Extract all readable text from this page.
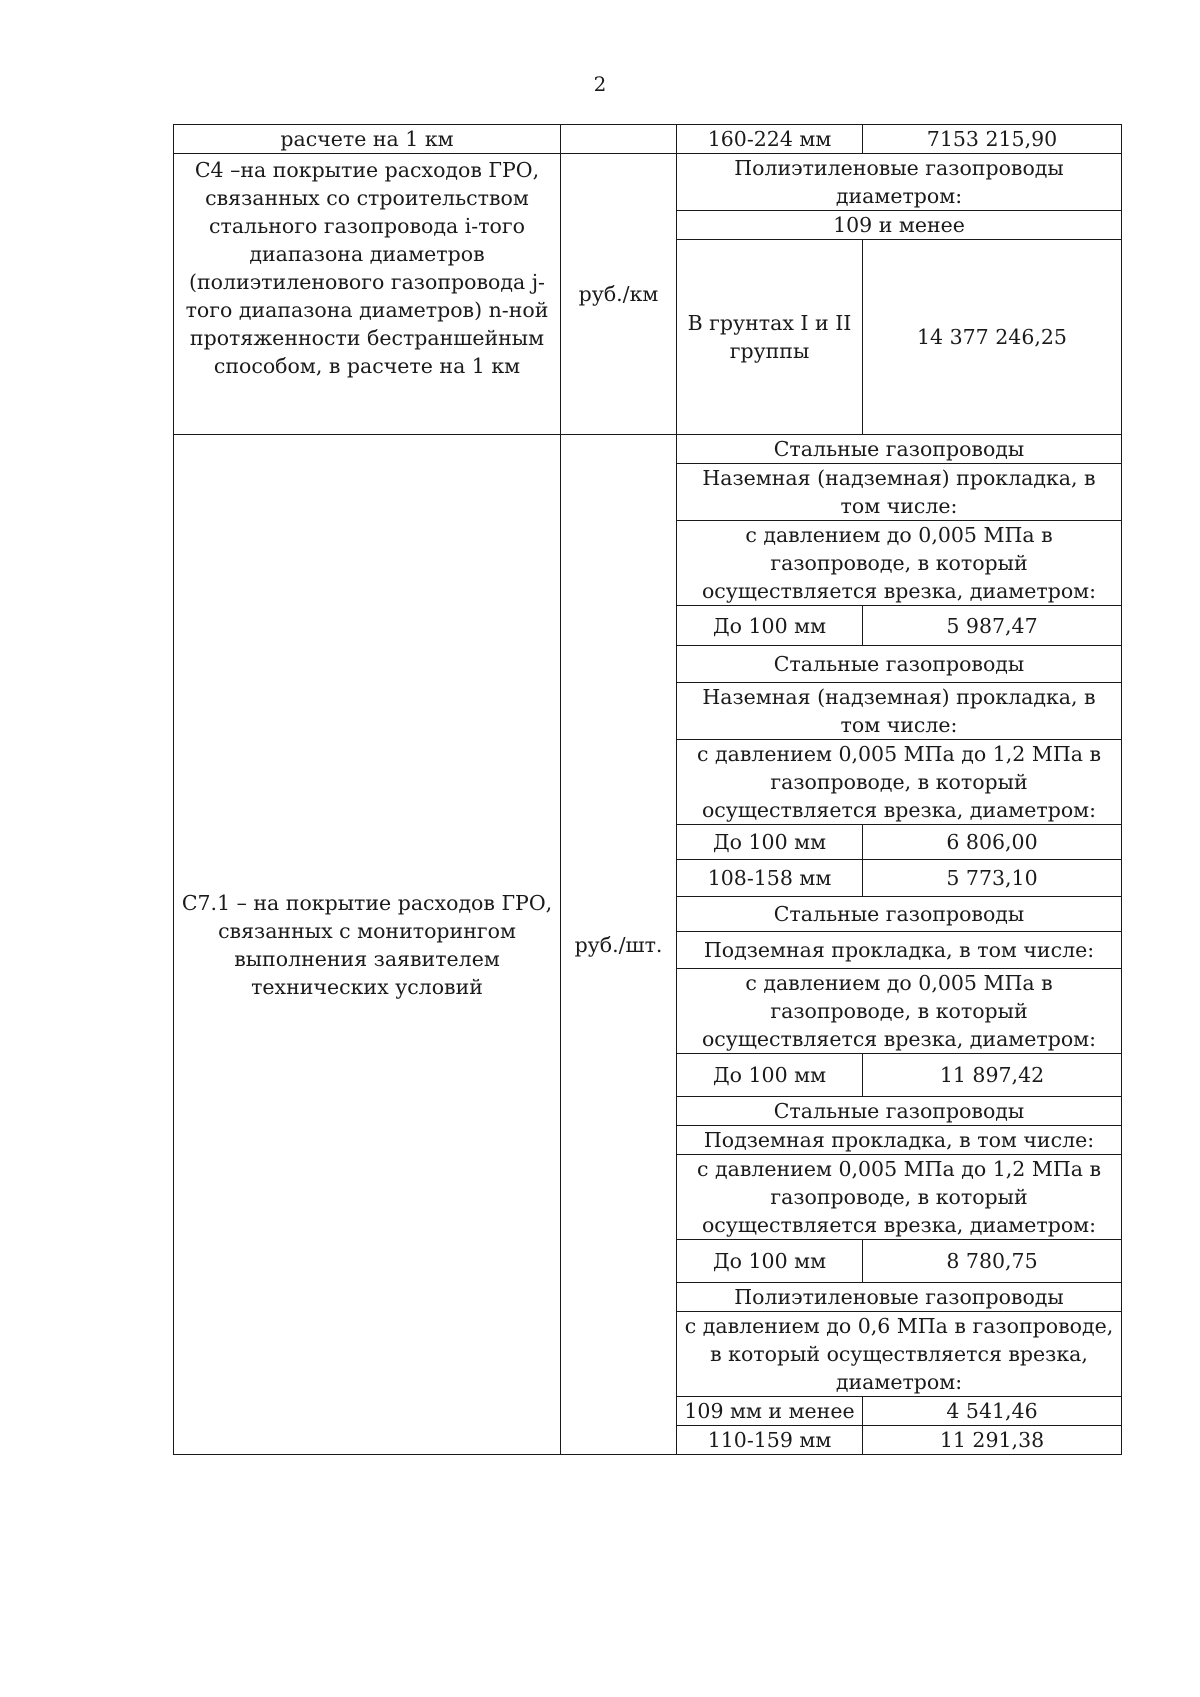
2
расчете на 1 км		160-224 мм	7153 215,90
С4 –на покрытие расходов ГРО, связанных со строительством стального газопровода i-того диапазона диаметров (полиэтиленового газопровода j-того диапазона диаметров) n-ной протяженности бестраншейным способом, в расчете на 1 км	руб./км	Полиэтиленовые газопроводы диаметром:	
		109 и менее	
		В грунтах I и II группы	14 377 246,25
С7.1 – на покрытие расходов ГРО, связанных с мониторингом выполнения заявителем технических условий	руб./шт.	Стальные газопроводы	
		Наземная (надземная) прокладка, в том числе:	
		с давлением до 0,005 МПа в газопроводе, в который осуществляется врезка, диаметром:	
		До 100 мм	5 987,47
		Стальные газопроводы	
		Наземная (надземная) прокладка, в том числе:	
		с давлением 0,005 МПа до 1,2 МПа в газопроводе, в который осуществляется врезка, диаметром:	
		До 100 мм	6 806,00
		108-158 мм	5 773,10
		Стальные газопроводы	
		Подземная прокладка, в том числе:	
		с давлением до 0,005 МПа в газопроводе, в который осуществляется врезка, диаметром:	
		До 100 мм	11 897,42
		Стальные газопроводы	
		Подземная прокладка, в том числе:	
		с давлением 0,005 МПа до 1,2 МПа в газопроводе, в который осуществляется врезка, диаметром:	
		До 100 мм	8 780,75
		Полиэтиленовые газопроводы	
		с давлением до 0,6 МПа в газопроводе, в который осуществляется врезка, диаметром:	
		109 мм и менее	4 541,46
		110-159 мм	11 291,38
